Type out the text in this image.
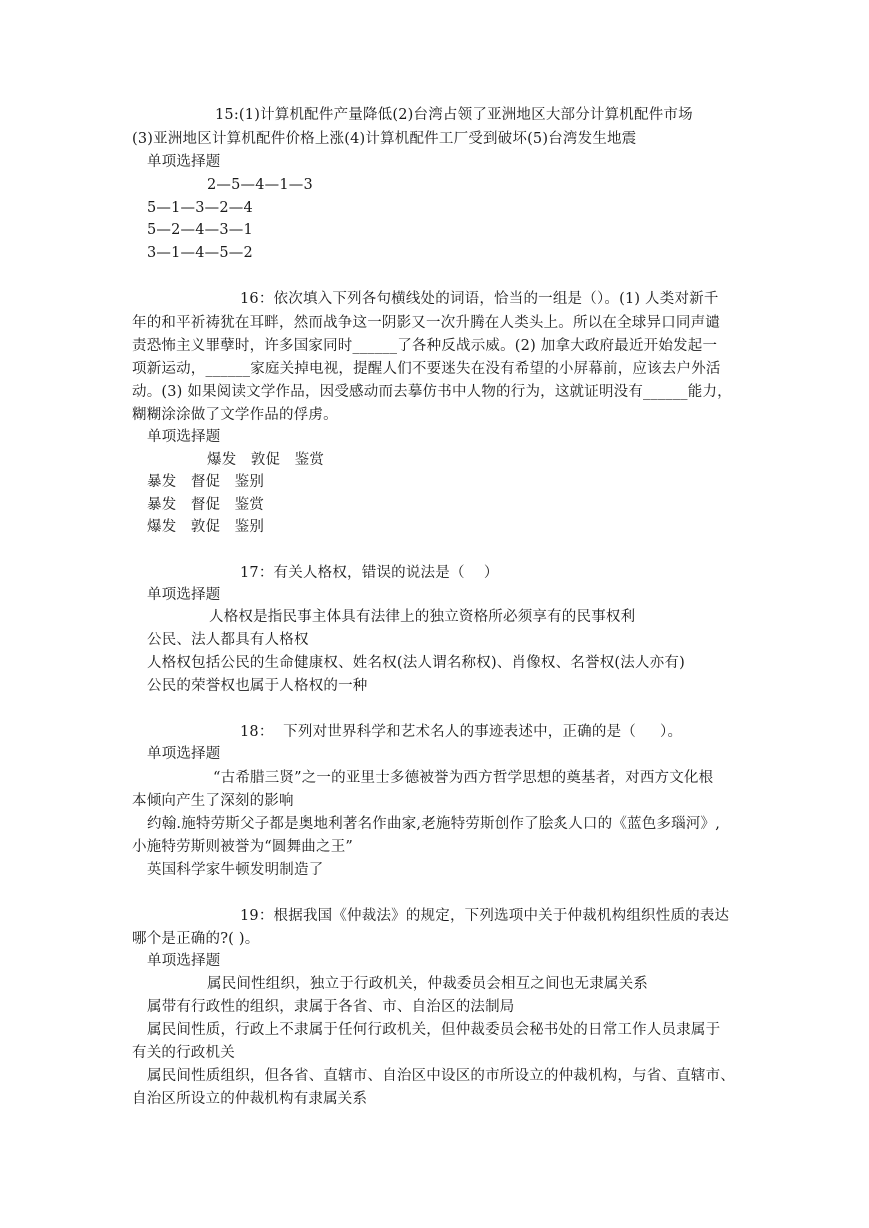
15:(1)计算机配件产量降低(2)台湾占领了亚洲地区大部分计算机配件市场
(3)亚洲地区计算机配件价格上涨(4)计算机配件工厂受到破坏(5)台湾发生地震
单项选择题
2—5—4—1—3
5—1—3—2—4
5—2—4—3—1
3—1—4—5—2
16：依次填入下列各句横线处的词语，恰当的一组是（）。(1) 人类对新千
年的和平祈祷犹在耳畔，然而战争这一阴影又一次升腾在人类头上。所以在全球异口同声谴
责恐怖主义罪孽时，许多国家同时______了各种反战示威。(2) 加拿大政府最近开始发起一
项新运动，______家庭关掉电视，提醒人们不要迷失在没有希望的小屏幕前，应该去户外活
动。(3) 如果阅读文学作品，因受感动而去摹仿书中人物的行为，这就证明没有______能力，
糊糊涂涂做了文学作品的俘虏。
单项选择题
爆发   敦促   鉴赏
暴发   督促   鉴别
暴发   督促   鉴赏
爆发   敦促   鉴别
17：有关人格权，错误的说法是（    ）
单项选择题
人格权是指民事主体具有法律上的独立资格所必须享有的民事权利
公民、法人都具有人格权
人格权包括公民的生命健康权、姓名权(法人谓名称权)、肖像权、名誉权(法人亦有)
公民的荣誉权也属于人格权的一种
18：  下列对世界科学和艺术名人的事迹表述中，正确的是（     ）。
单项选择题
“古希腊三贤”之一的亚里士多德被誉为西方哲学思想的奠基者，对西方文化根
本倾向产生了深刻的影响
约翰.施特劳斯父子都是奥地利著名作曲家,老施特劳斯创作了脍炙人口的《蓝色多瑙河》,
小施特劳斯则被誉为“圆舞曲之王”
英国科学家牛顿发明制造了
19：根据我国《仲裁法》的规定，下列选项中关于仲裁机构组织性质的表达
哪个是正确的?( )。
单项选择题
属民间性组织，独立于行政机关，仲裁委员会相互之间也无隶属关系
属带有行政性的组织，隶属于各省、市、自治区的法制局
属民间性质，行政上不隶属于任何行政机关，但仲裁委员会秘书处的日常工作人员隶属于
有关的行政机关
属民间性质组织，但各省、直辖市、自治区中设区的市所设立的仲裁机构，与省、直辖市、
自治区所设立的仲裁机构有隶属关系
